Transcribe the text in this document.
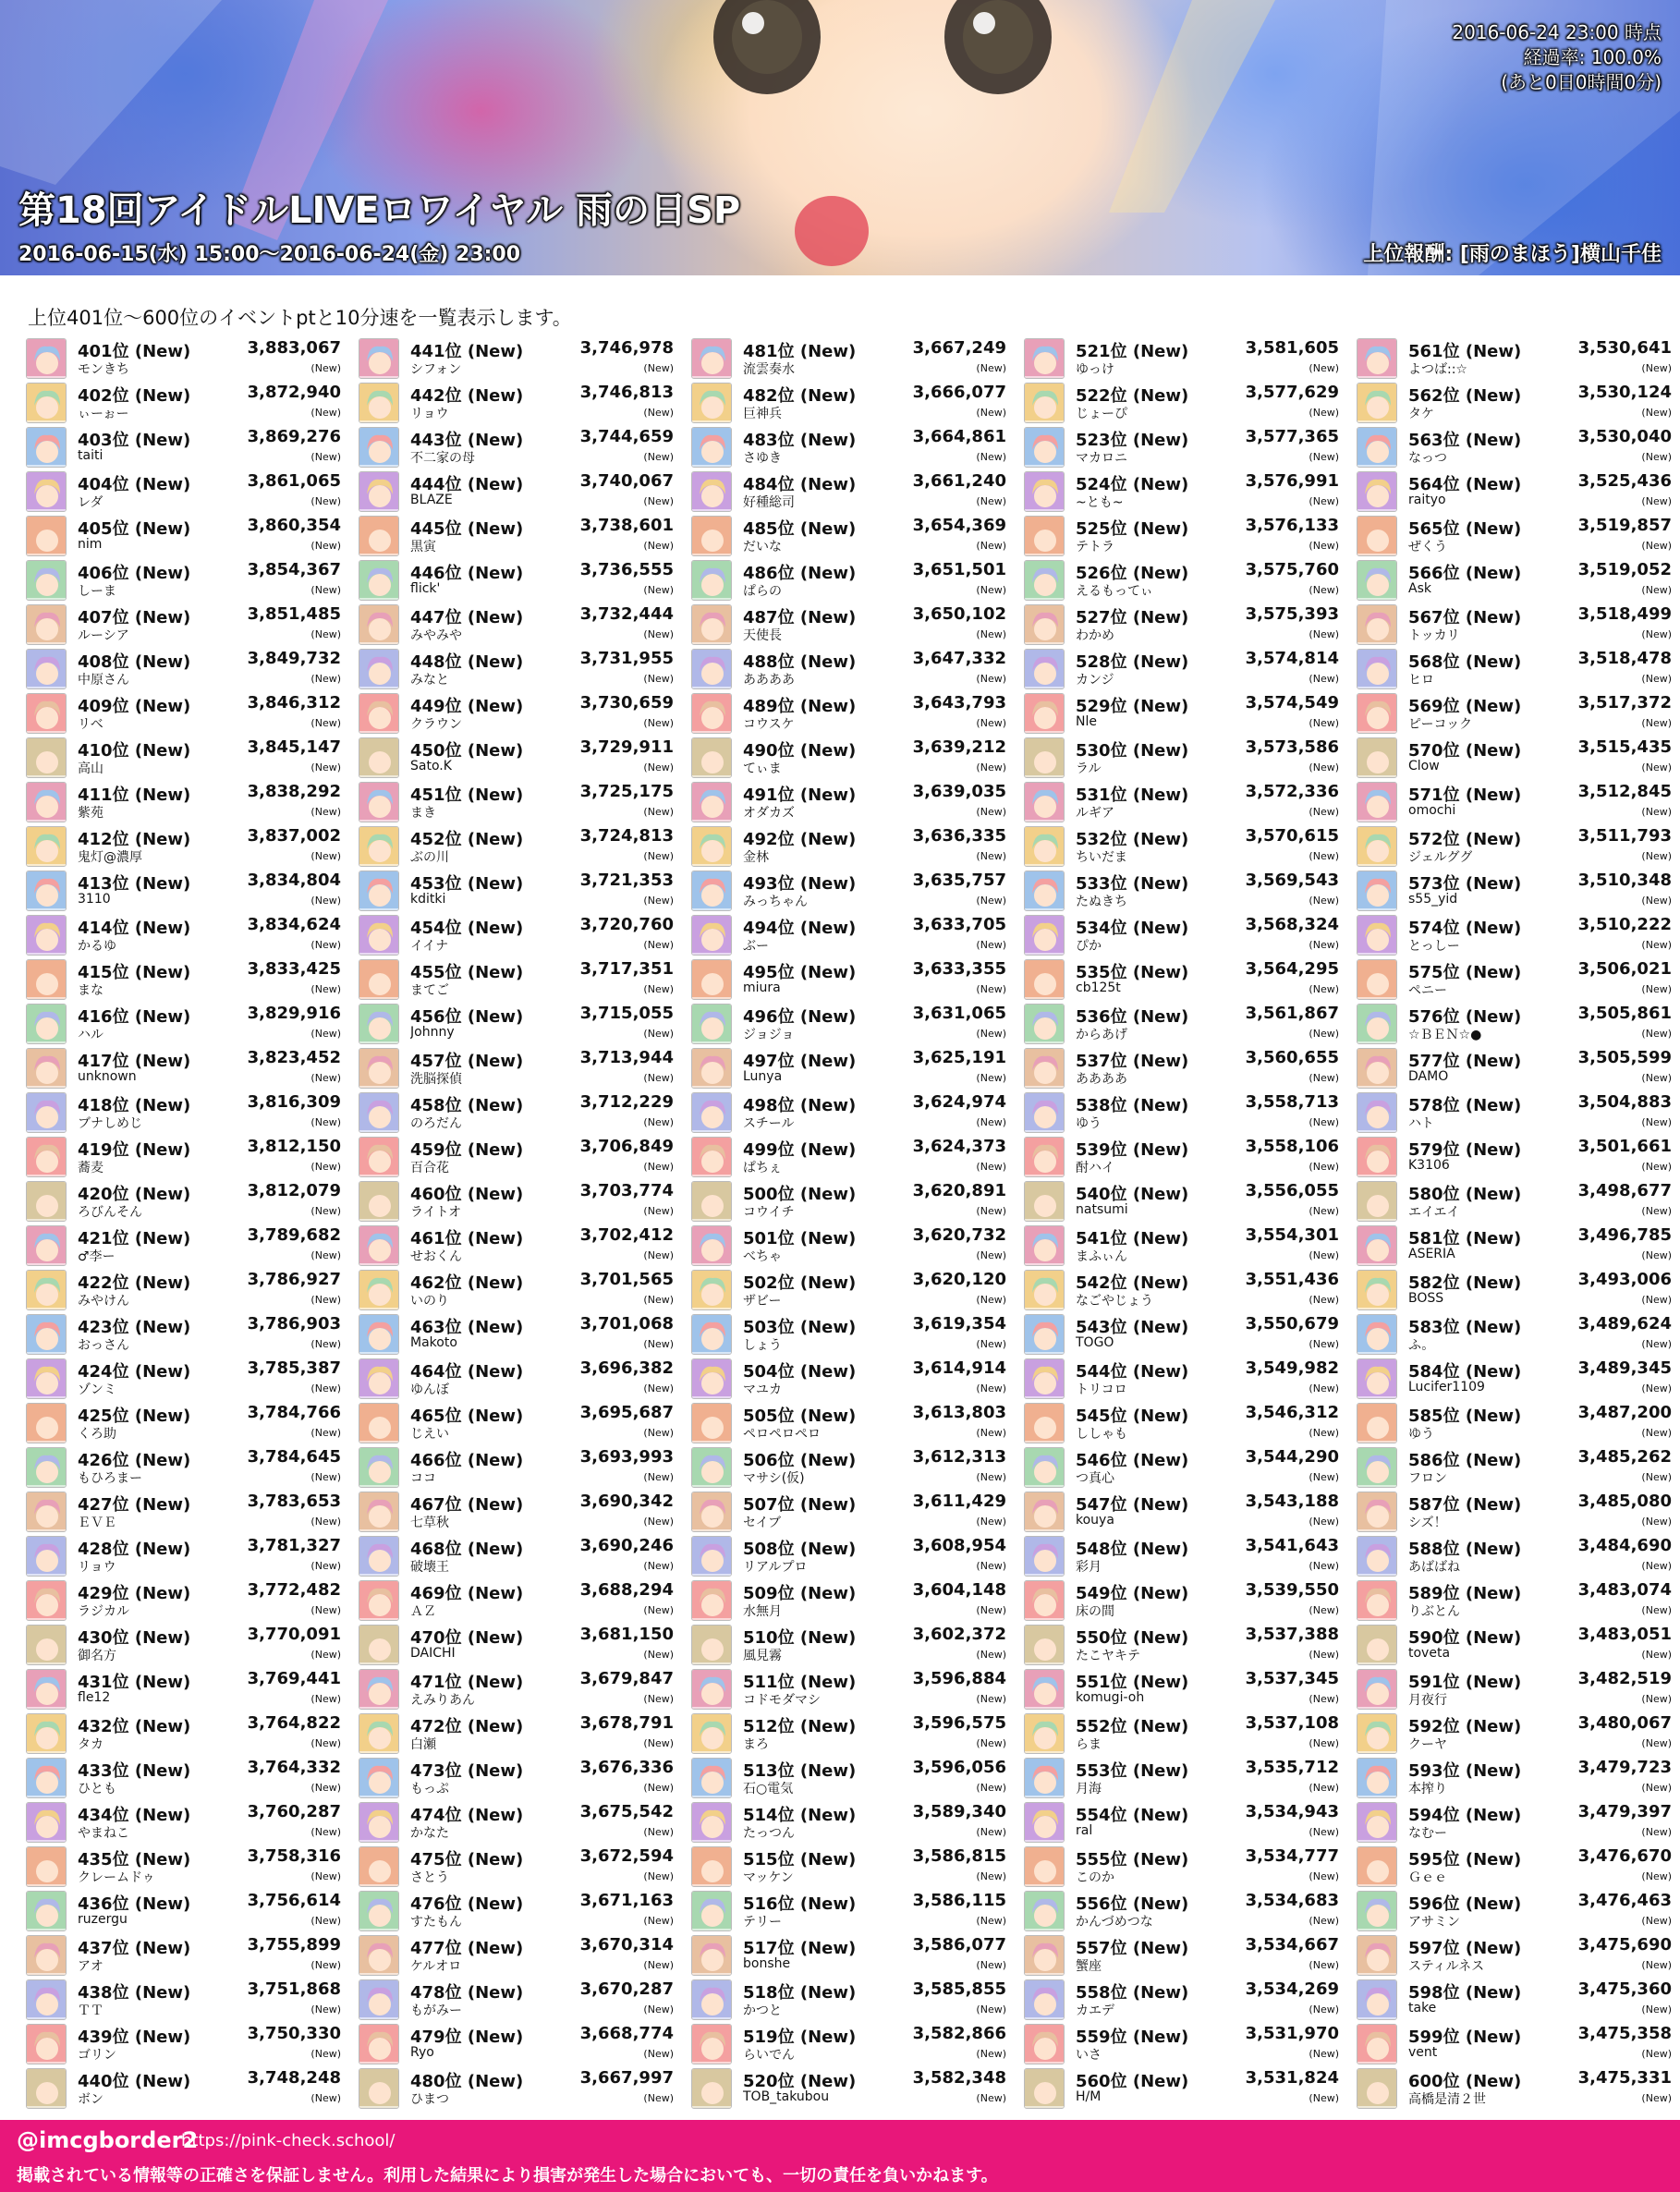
2016-06-24 23:00 時点
経過率: 100.0%
(あと0日0時間0分)
第18回アイドルLIVEロワイヤル 雨の日SP
2016-06-15(水) 15:00～2016-06-24(金) 23:00	上位報酬: [雨のまほう]横山千佳
上位401位～600位のイベントptと10分速を一覧表示します。
401位 (New)	3,883,067
モンきち	(New)
402位 (New)	3,872,940
ぃーぉー	(New)
403位 (New)	3,869,276
taiti	(New)
404位 (New)	3,861,065
レダ	(New)
405位 (New)	3,860,354
nim	(New)
406位 (New)	3,854,367
しーま	(New)
407位 (New)	3,851,485
ルーシア	(New)
408位 (New)	3,849,732
中原さん	(New)
409位 (New)	3,846,312
リベ	(New)
410位 (New)	3,845,147
高山	(New)
411位 (New)	3,838,292
紫苑	(New)
412位 (New)	3,837,002
鬼灯@濃厚	(New)
413位 (New)	3,834,804
3110	(New)
414位 (New)	3,834,624
かるゆ	(New)
415位 (New)	3,833,425
まな	(New)
416位 (New)	3,829,916
ハル	(New)
417位 (New)	3,823,452
unknown	(New)
418位 (New)	3,816,309
ブナしめじ	(New)
419位 (New)	3,812,150
蕎麦	(New)
420位 (New)	3,812,079
ろびんそん	(New)
421位 (New)	3,789,682
♂李ー	(New)
422位 (New)	3,786,927
みやけん	(New)
423位 (New)	3,786,903
おっさん	(New)
424位 (New)	3,785,387
ゾンミ	(New)
425位 (New)	3,784,766
くろ助	(New)
426位 (New)	3,784,645
もひろまー	(New)
427位 (New)	3,783,653
ＥＶＥ	(New)
428位 (New)	3,781,327
リョウ	(New)
429位 (New)	3,772,482
ラジカル	(New)
430位 (New)	3,770,091
御名方	(New)
431位 (New)	3,769,441
fle12	(New)
432位 (New)	3,764,822
タカ	(New)
433位 (New)	3,764,332
ひとも	(New)
434位 (New)	3,760,287
やまねこ	(New)
435位 (New)	3,758,316
クレームドゥ	(New)
436位 (New)	3,756,614
ruzergu	(New)
437位 (New)	3,755,899
アオ	(New)
438位 (New)	3,751,868
ＴＴ	(New)
439位 (New)	3,750,330
ゴリン	(New)
440位 (New)	3,748,248
ボン	(New)
441位 (New)	3,746,978
シフォン	(New)
442位 (New)	3,746,813
リョウ	(New)
443位 (New)	3,744,659
不二家の母	(New)
444位 (New)	3,740,067
BLAZE	(New)
445位 (New)	3,738,601
黒寅	(New)
446位 (New)	3,736,555
flick'	(New)
447位 (New)	3,732,444
みやみや	(New)
448位 (New)	3,731,955
みなと	(New)
449位 (New)	3,730,659
クラウン	(New)
450位 (New)	3,729,911
Sato.K	(New)
451位 (New)	3,725,175
まき	(New)
452位 (New)	3,724,813
ぶの川	(New)
453位 (New)	3,721,353
kditki	(New)
454位 (New)	3,720,760
イイナ	(New)
455位 (New)	3,717,351
まてご	(New)
456位 (New)	3,715,055
Johnny	(New)
457位 (New)	3,713,944
洗脳探偵	(New)
458位 (New)	3,712,229
のろだん	(New)
459位 (New)	3,706,849
百合花	(New)
460位 (New)	3,703,774
ライトオ	(New)
461位 (New)	3,702,412
せおくん	(New)
462位 (New)	3,701,565
いのり	(New)
463位 (New)	3,701,068
Makoto	(New)
464位 (New)	3,696,382
ゆんぼ	(New)
465位 (New)	3,695,687
じえい	(New)
466位 (New)	3,693,993
ココ	(New)
467位 (New)	3,690,342
七草秋	(New)
468位 (New)	3,690,246
破壊王	(New)
469位 (New)	3,688,294
ＡＺ	(New)
470位 (New)	3,681,150
DAICHI	(New)
471位 (New)	3,679,847
えみりあん	(New)
472位 (New)	3,678,791
白瀬	(New)
473位 (New)	3,676,336
もっぷ	(New)
474位 (New)	3,675,542
かなた	(New)
475位 (New)	3,672,594
さとう	(New)
476位 (New)	3,671,163
すたもん	(New)
477位 (New)	3,670,314
ケルオロ	(New)
478位 (New)	3,670,287
もがみー	(New)
479位 (New)	3,668,774
Ryo	(New)
480位 (New)	3,667,997
ひまつ	(New)
481位 (New)	3,667,249
流雲奏水	(New)
482位 (New)	3,666,077
巨神兵	(New)
483位 (New)	3,664,861
さゆき	(New)
484位 (New)	3,661,240
好種総司	(New)
485位 (New)	3,654,369
だいな	(New)
486位 (New)	3,651,501
ぱらの	(New)
487位 (New)	3,650,102
天使長	(New)
488位 (New)	3,647,332
ああああ	(New)
489位 (New)	3,643,793
コウスケ	(New)
490位 (New)	3,639,212
てぃま	(New)
491位 (New)	3,639,035
オダカズ	(New)
492位 (New)	3,636,335
金林	(New)
493位 (New)	3,635,757
みっちゃん	(New)
494位 (New)	3,633,705
ぶー	(New)
495位 (New)	3,633,355
miura	(New)
496位 (New)	3,631,065
ジョジョ	(New)
497位 (New)	3,625,191
Lunya	(New)
498位 (New)	3,624,974
スチール	(New)
499位 (New)	3,624,373
ぱちぇ	(New)
500位 (New)	3,620,891
コウイチ	(New)
501位 (New)	3,620,732
べちゃ	(New)
502位 (New)	3,620,120
ザビー	(New)
503位 (New)	3,619,354
しょう	(New)
504位 (New)	3,614,914
マユカ	(New)
505位 (New)	3,613,803
ペロペロペロ	(New)
506位 (New)	3,612,313
マサシ(仮)	(New)
507位 (New)	3,611,429
セイブ	(New)
508位 (New)	3,608,954
リアルプロ	(New)
509位 (New)	3,604,148
水無月	(New)
510位 (New)	3,602,372
風見霧	(New)
511位 (New)	3,596,884
コドモダマシ	(New)
512位 (New)	3,596,575
まろ	(New)
513位 (New)	3,596,056
石○電気	(New)
514位 (New)	3,589,340
たっつん	(New)
515位 (New)	3,586,815
マッケン	(New)
516位 (New)	3,586,115
テリー	(New)
517位 (New)	3,586,077
bonshe	(New)
518位 (New)	3,585,855
かつと	(New)
519位 (New)	3,582,866
らいでん	(New)
520位 (New)	3,582,348
TOB_takubou	(New)
521位 (New)	3,581,605
ゆっけ	(New)
522位 (New)	3,577,629
じょーぴ	(New)
523位 (New)	3,577,365
マカロニ	(New)
524位 (New)	3,576,991
~とも~	(New)
525位 (New)	3,576,133
テトラ	(New)
526位 (New)	3,575,760
えるもってぃ	(New)
527位 (New)	3,575,393
わかめ	(New)
528位 (New)	3,574,814
カンジ	(New)
529位 (New)	3,574,549
Nle	(New)
530位 (New)	3,573,586
ラル	(New)
531位 (New)	3,572,336
ルギア	(New)
532位 (New)	3,570,615
ちいだま	(New)
533位 (New)	3,569,543
たぬきち	(New)
534位 (New)	3,568,324
ぴか	(New)
535位 (New)	3,564,295
cb125t	(New)
536位 (New)	3,561,867
からあげ	(New)
537位 (New)	3,560,655
ああああ	(New)
538位 (New)	3,558,713
ゆう	(New)
539位 (New)	3,558,106
酎ハイ	(New)
540位 (New)	3,556,055
natsumi	(New)
541位 (New)	3,554,301
まふぃん	(New)
542位 (New)	3,551,436
なごやじょう	(New)
543位 (New)	3,550,679
TOGO	(New)
544位 (New)	3,549,982
トリコロ	(New)
545位 (New)	3,546,312
ししゃも	(New)
546位 (New)	3,544,290
つ真心	(New)
547位 (New)	3,543,188
kouya	(New)
548位 (New)	3,541,643
彩月	(New)
549位 (New)	3,539,550
床の間	(New)
550位 (New)	3,537,388
たこヤキテ	(New)
551位 (New)	3,537,345
komugi-oh	(New)
552位 (New)	3,537,108
らま	(New)
553位 (New)	3,535,712
月海	(New)
554位 (New)	3,534,943
ral	(New)
555位 (New)	3,534,777
このか	(New)
556位 (New)	3,534,683
かんづめつな	(New)
557位 (New)	3,534,667
蟹座	(New)
558位 (New)	3,534,269
カエデ	(New)
559位 (New)	3,531,970
いさ	(New)
560位 (New)	3,531,824
H/M	(New)
561位 (New)	3,530,641
よつば::☆	(New)
562位 (New)	3,530,124
タケ	(New)
563位 (New)	3,530,040
なっつ	(New)
564位 (New)	3,525,436
raityo	(New)
565位 (New)	3,519,857
ぜくう	(New)
566位 (New)	3,519,052
Ask	(New)
567位 (New)	3,518,499
トッカリ	(New)
568位 (New)	3,518,478
ヒロ	(New)
569位 (New)	3,517,372
ピーコック	(New)
570位 (New)	3,515,435
Clow	(New)
571位 (New)	3,512,845
omochi	(New)
572位 (New)	3,511,793
ジェルググ	(New)
573位 (New)	3,510,348
s55_yid	(New)
574位 (New)	3,510,222
とっしー	(New)
575位 (New)	3,506,021
ペニー	(New)
576位 (New)	3,505,861
☆ＢＥＮ☆●	(New)
577位 (New)	3,505,599
DAMO	(New)
578位 (New)	3,504,883
ハト	(New)
579位 (New)	3,501,661
K3106	(New)
580位 (New)	3,498,677
エイエイ	(New)
581位 (New)	3,496,785
ASERIA	(New)
582位 (New)	3,493,006
BOSS	(New)
583位 (New)	3,489,624
ふ。	(New)
584位 (New)	3,489,345
Lucifer1109	(New)
585位 (New)	3,487,200
ゆう	(New)
586位 (New)	3,485,262
フロン	(New)
587位 (New)	3,485,080
シズ！	(New)
588位 (New)	3,484,690
あばばね	(New)
589位 (New)	3,483,074
りぶとん	(New)
590位 (New)	3,483,051
toveta	(New)
591位 (New)	3,482,519
月夜行	(New)
592位 (New)	3,480,067
クーヤ	(New)
593位 (New)	3,479,723
本搾り	(New)
594位 (New)	3,479,397
なむー	(New)
595位 (New)	3,476,670
Ｇｅｅ	(New)
596位 (New)	3,476,463
アサミン	(New)
597位 (New)	3,475,690
スティルネス	(New)
598位 (New)	3,475,360
take	(New)
599位 (New)	3,475,358
vent	(New)
600位 (New)	3,475,331
高橋是清２世	(New)
@imcgborder2
https://pink-check.school/
掲載されている情報等の正確さを保証しません。利用した結果により損害が発生した場合においても、一切の責任を負いかねます。
